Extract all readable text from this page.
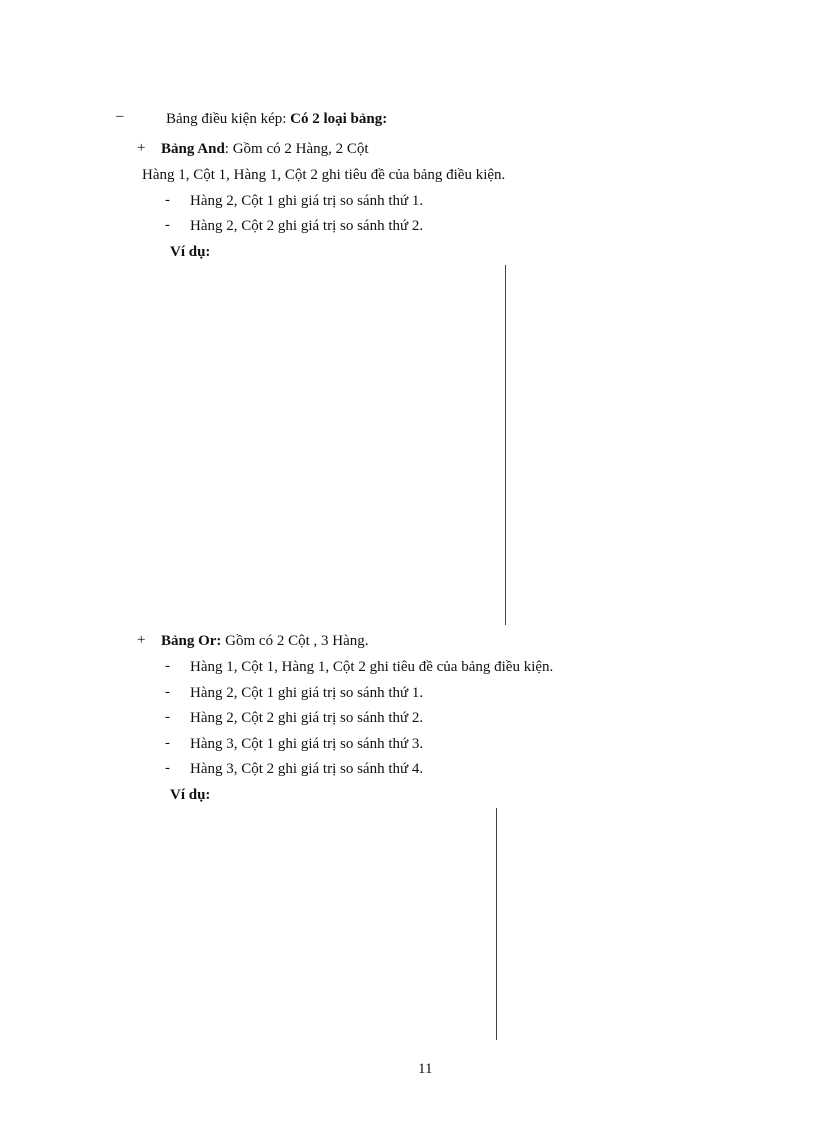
–	Bảng điều kiện kép: Có 2 loại bảng:
+ Bảng And: Gồm có 2 Hàng, 2 Cột
Hàng 1, Cột 1, Hàng 1, Cột 2 ghi tiêu đề của bảng điều kiện.
- Hàng 2, Cột 1 ghi giá trị so sánh thứ 1.
- Hàng 2, Cột 2 ghi giá trị so sánh thứ 2.
Ví dụ:
+ Bảng Or: Gồm có 2 Cột , 3 Hàng.
- Hàng 1, Cột 1, Hàng 1, Cột 2 ghi tiêu đề của bảng điều kiện.
- Hàng 2, Cột 1 ghi giá trị so sánh thứ 1.
- Hàng 2, Cột 2 ghi giá trị so sánh thứ 2.
- Hàng 3, Cột 1 ghi giá trị so sánh thứ 3.
- Hàng 3, Cột 2 ghi giá trị so sánh thứ 4.
Ví dụ:
11
